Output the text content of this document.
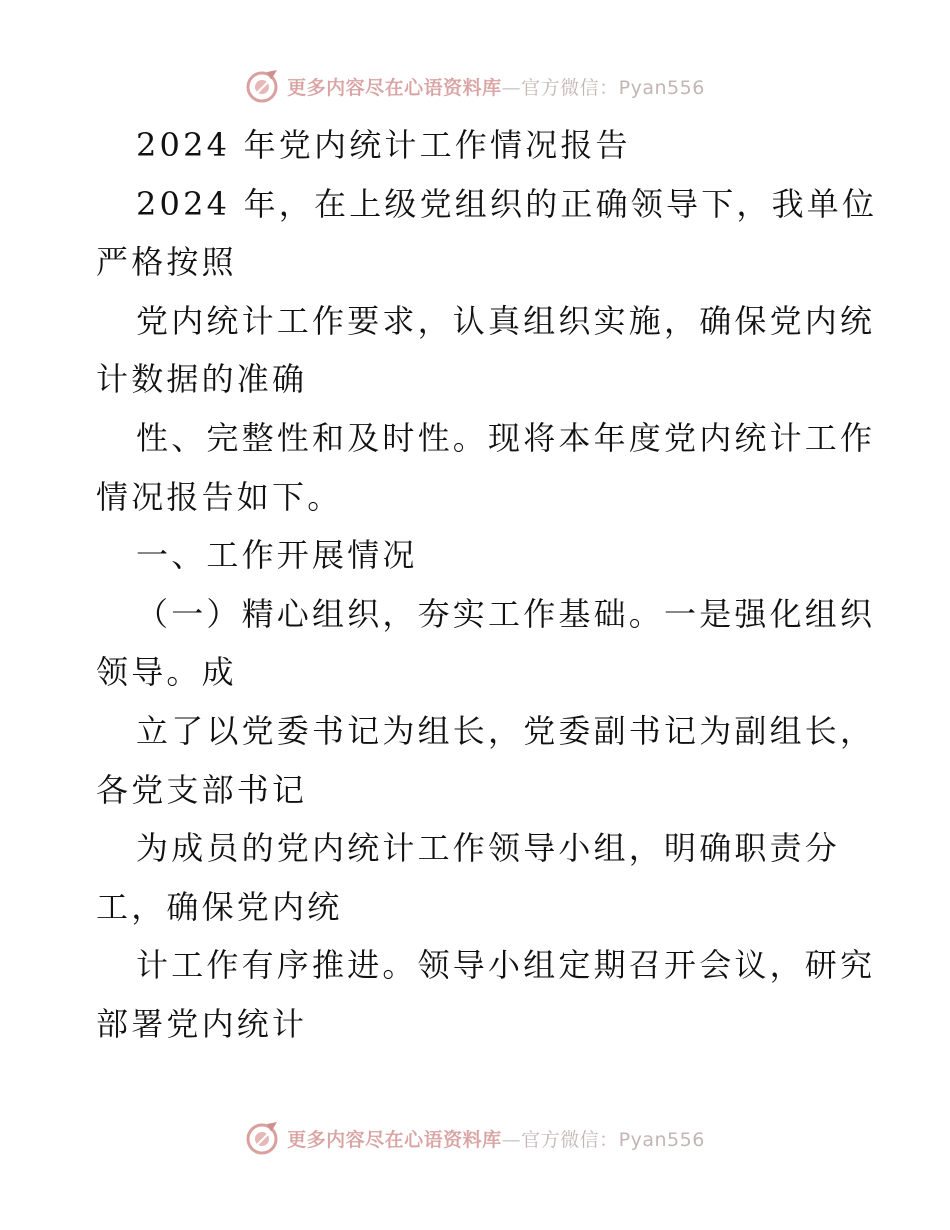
更多内容尽在心语资料库—官方微信：Pyan556
2024 年党内统计工作情况报告
2024 年，在上级党组织的正确领导下，我单位
严格按照
党内统计工作要求，认真组织实施，确保党内统
计数据的准确
性、完整性和及时性。现将本年度党内统计工作
情况报告如下。
一、工作开展情况
（一）精心组织，夯实工作基础。一是强化组织
领导。成
立了以党委书记为组长，党委副书记为副组长，
各党支部书记
为成员的党内统计工作领导小组，明确职责分
工，确保党内统
计工作有序推进。领导小组定期召开会议，研究
部署党内统计
更多内容尽在心语资料库—官方微信：Pyan556
